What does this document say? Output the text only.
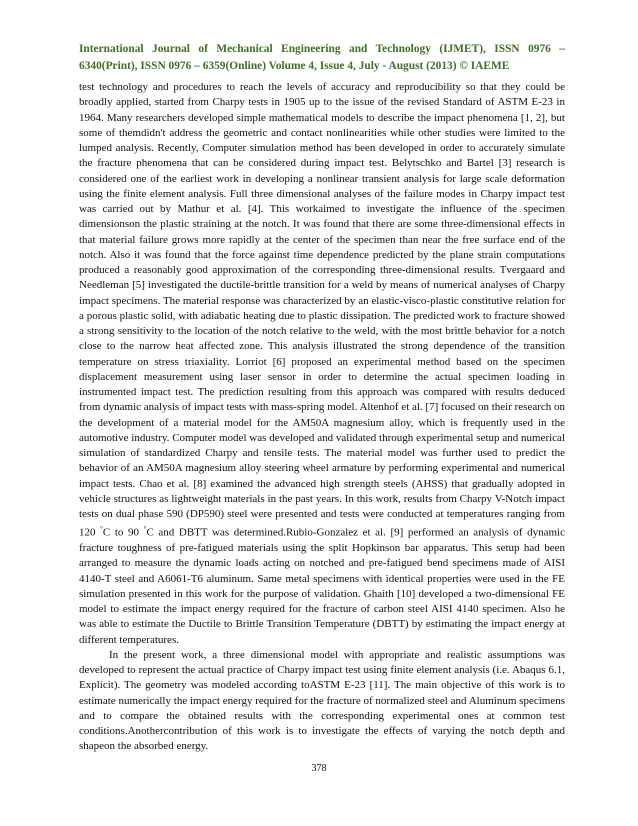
International Journal of Mechanical Engineering and Technology (IJMET), ISSN 0976 – 6340(Print), ISSN 0976 – 6359(Online) Volume 4, Issue 4, July - August (2013) © IAEME

test technology and procedures to reach the levels of accuracy and reproducibility so that they could be broadly applied, started from Charpy tests in 1905 up to the issue of the revised Standard of ASTM E-23 in 1964. Many researchers developed simple mathematical models to describe the impact phenomena [1, 2], but some of themdidn't address the geometric and contact nonlinearities while other studies were limited to the lumped analysis. Recently, Computer simulation method has been developed in order to accurately simulate the fracture phenomena that can be considered during impact test. Belytschko and Bartel [3] research is considered one of the earliest work in developing a nonlinear transient analysis for large scale deformation using the finite element analysis. Full three dimensional analyses of the failure modes in Charpy impact test was carried out by Mathur et al. [4]. This workaimed to investigate the influence of the specimen dimensionson the plastic straining at the notch. It was found that there are some three-dimensional effects in that material failure grows more rapidly at the center of the specimen than near the free surface end of the notch. Also it was found that the force against time dependence predicted by the plane strain computations produced a reasonably good approximation of the corresponding three-dimensional results. Tvergaard and Needleman [5] investigated the ductile-brittle transition for a weld by means of numerical analyses of Charpy impact specimens. The material response was characterized by an elastic-visco-plastic constitutive relation for a porous plastic solid, with adiabatic heating due to plastic dissipation. The predicted work to fracture showed a strong sensitivity to the location of the notch relative to the weld, with the most brittle behavior for a notch close to the narrow heat affected zone. This analysis illustrated the strong dependence of the transition temperature on stress triaxiality. Lorriot [6] proposed an experimental method based on the specimen displacement measurement using laser sensor in order to determine the actual specimen loading in instrumented impact test. The prediction resulting from this approach was compared with results deduced from dynamic analysis of impact tests with mass-spring model. Altenhof et al. [7] focused on their research on the development of a material model for the AM50A magnesium alloy, which is frequently used in the automotive industry. Computer model was developed and validated through experimental setup and numerical simulation of standardized Charpy and tensile tests. The material model was further used to predict the behavior of an AM50A magnesium alloy steering wheel armature by performing experimental and numerical impact tests. Chao et al. [8] examined the advanced high strength steels (AHSS) that gradually adopted in vehicle structures as lightweight materials in the past years. In this work, results from Charpy V-Notch impact tests on dual phase 590 (DP590) steel were presented and tests were conducted at temperatures ranging from 120 °C to 90 °C and DBTT was determined.Rubio-Gonzalez et al. [9] performed an analysis of dynamic fracture toughness of pre-fatigued materials using the split Hopkinson bar apparatus. This setup had been arranged to measure the dynamic loads acting on notched and pre-fatigued bend specimens made of AISI 4140-T steel and A6061-T6 aluminum. Same metal specimens with identical properties were used in the FE simulation presented in this work for the purpose of validation. Ghaith [10] developed a two-dimensional FE model to estimate the impact energy required for the fracture of carbon steel AISI 4140 specimen. Also he was able to estimate the Ductile to Brittle Transition Temperature (DBTT) by estimating the impact energy at different temperatures.

In the present work, a three dimensional model with appropriate and realistic assumptions was developed to represent the actual practice of Charpy impact test using finite element analysis (i.e. Abaqus 6.1, Explicit). The geometry was modeled according toASTM E-23 [11]. The main objective of this work is to estimate numerically the impact energy required for the fracture of normalized steel and Aluminum specimens and to compare the obtained results with the corresponding experimental ones at common test conditions.Anothercontribution of this work is to investigate the effects of varying the notch depth and shapeon the absorbed energy.

378
